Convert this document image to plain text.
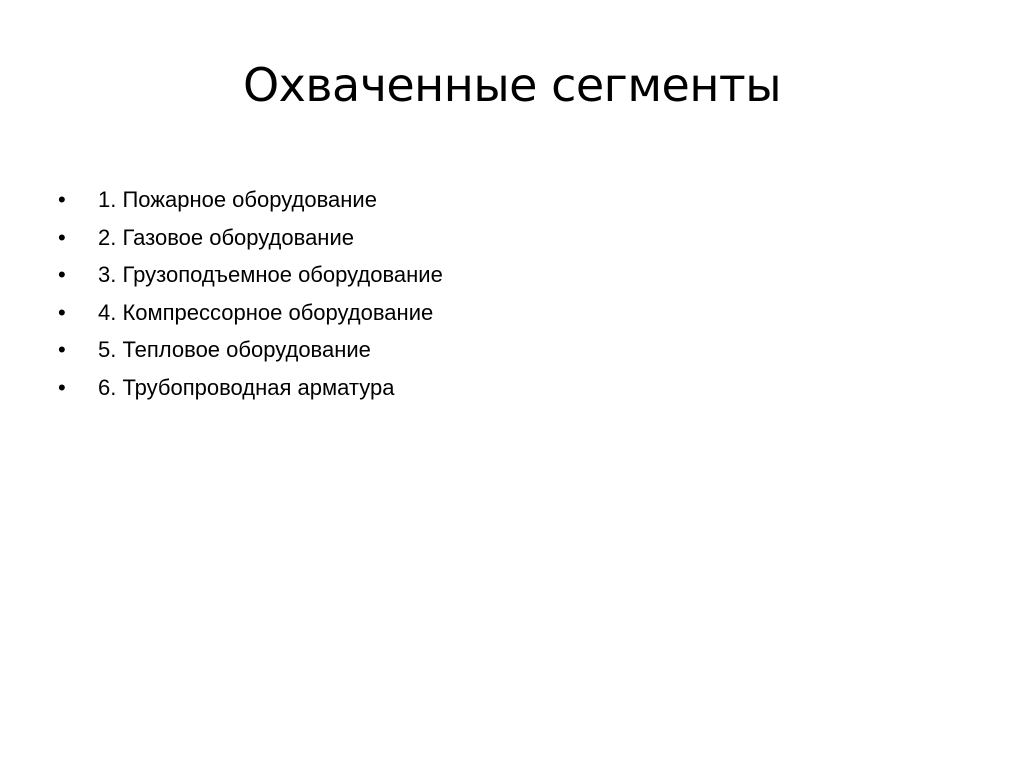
Охваченные сегменты
•	1. Пожарное оборудование
•	2. Газовое оборудование
•	3. Грузоподъемное оборудование
•	4. Компрессорное оборудование
•	5. Тепловое оборудование
•	6. Трубопроводная арматура
